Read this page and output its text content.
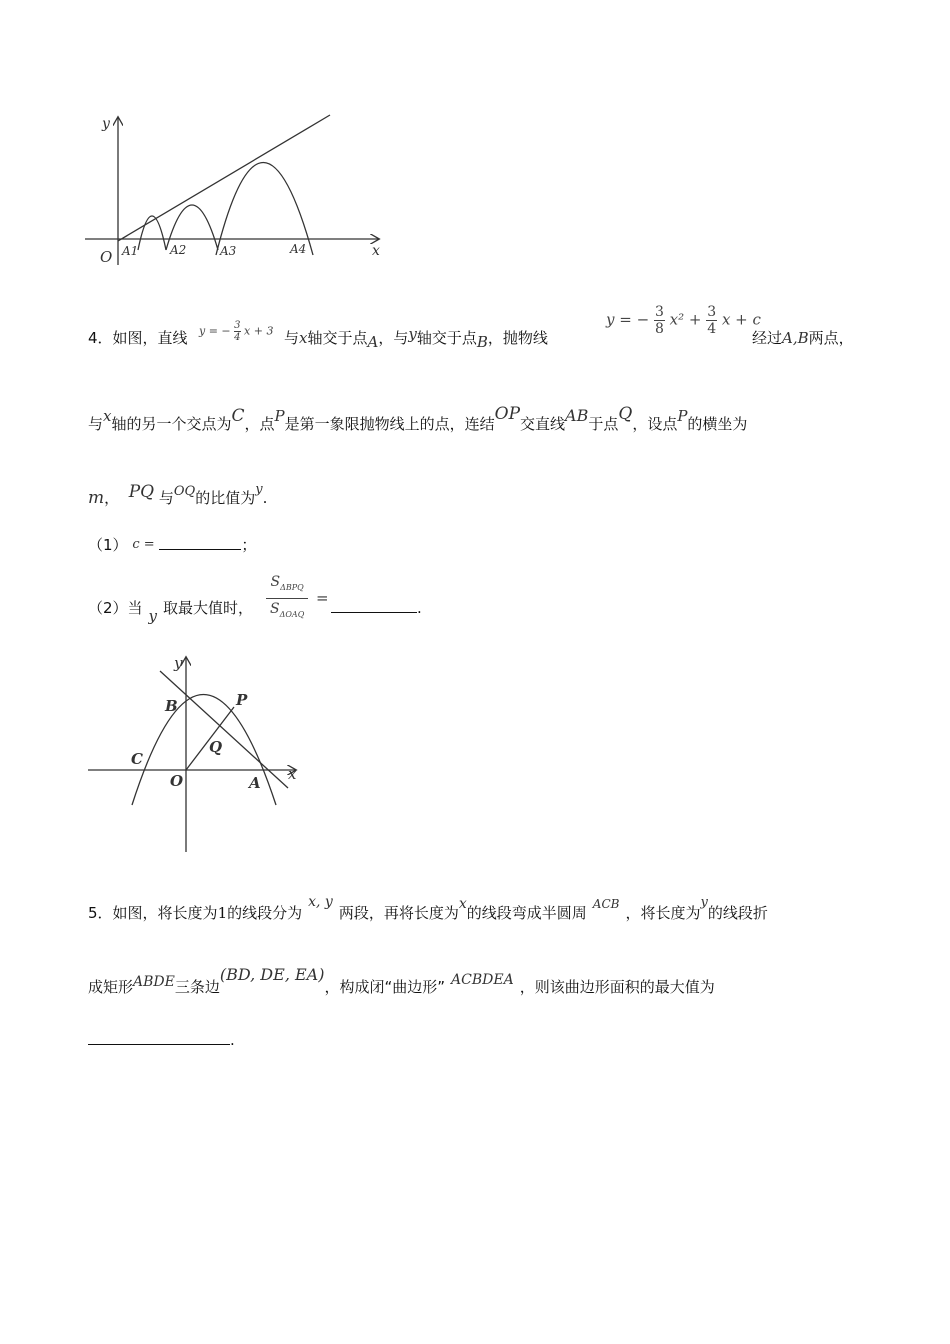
y
x
O A1	A2	A3	A4
4．如图，直线 y = − $\frac{3}{4}$ x + 3 与x轴交于点A，与y轴交于点B，抛物线
y = − $\frac{3}{8} x^2 + \frac{3}{4}$ x + c
经过A,B两点，
与x轴的另一个交点为C，点P是第一象限抛物线上的点，连结OP交直线AB于点Q，设点P的横坐为
m， PQ 与OQ的比值为y.
（1） c =	；
（2）当 y 取最大值时，
$S_{\Delta BPQ}$
$S_{\Delta OAQ}$
=
.
y
x
B	P
Q
C
O	A
5．如图，将长度为1的线段分为x, y两段，再将长度为x的线段弯成半圆周 $^{ACB}$ ，将长度为y的线段折
成矩形ABDE三条边(BD, DE, EA)，构成闭“曲边形” ACBDEA ，则该曲边形面积的最大值为
.
